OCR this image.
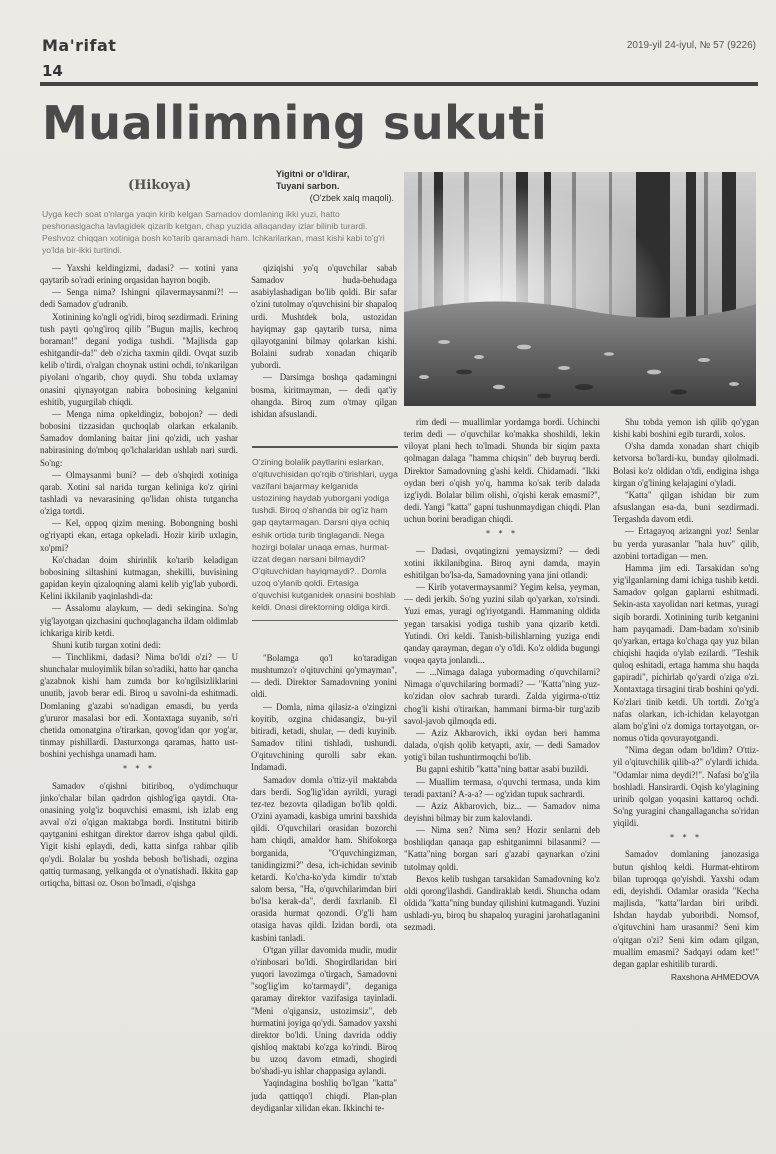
Ma'rifat	2019-yil 24-iyul, № 57 (9226)
14
Muallimning sukuti
(Hikoya)
Yigitni or o'ldirar,
Tuyani sarbon.
(O'zbek xalq maqoli).
Uyga kech soat o'nlarga yaqin kirib kelgan Samadov domlaning ikki yuzi, hatto peshonasigacha lavlagidek qizarib ketgan, chap yuzida allaqanday izlar bilinib turardi. Peshvoz chiqqan xotiniga bosh ko'tarib qaramadi ham. Ichkarilarkan, mast kishi kabi to'g'ri yo'lda bir-ikki turtindi.

— Yaxshi keldingizmi, dadasi? — xotini yana qaytarib so'radi erining orqasidan hayron boqib.

— Senga nima? Ishingni qilavermaysanmi?! — dedi Samadov g'udranib.

Xotinining ko'ngli og'ridi, biroq sezdirmadi. Erining tush payti qo'ng'iroq qilib "Bugun majlis, kechroq boraman!" degani yodiga tushdi. "Majlisda gap eshitgandir-da!" deb o'zicha taxmin qildi. Ovqat suzib kelib o'tirdi, o'ralgan choynak ustini ochdi, to'nkarilgan piyolani o'ngarib, choy quydi. Shu tobda uxlamay onasini qiynayotgan nabira bobosining kelganini eshitib, yugurgilab chiqdi.

— Menga nima opkeldingiz, bobojon? — dedi bobosini tizzasidan quchoqlab olarkan erkalanib. Samadov domlaning baitar jini qo'zidi, uch yashar nabirasining do'mboq qo'lchalaridan ushlab nari surdi. So'ng:

— Olmaysanmi buni? — deb o'shqirdi xotiniga qarab. Xotini sal narida turgan kelinigа ko'z qirini tashladi va nevarasining qo'lidan ohista tutgancha o'ziga tortdi.

— Kel, oppoq qizim mening. Bobongning boshi og'riyapti ekan, ertaga opkeladi. Hozir kirib uxlagin, xo'pmi?

Ko'chadan doim shirinlik ko'tarib keladigan bobosining siltashini kutmagan, shekilli, buvisining gapidan keyin qizaloqning alami kelib yig'lab yubordi. Kelini ikkilanib yaqinlashdi-da:

— Assalomu alaykum, — dedi sekingina. So'ng yig'layotgan qizchasini quchoqlagancha ildam oldimlab ichkariga kirib ketdi.

Shuni kutib turgan xotini dedi:

— Tinchlikmi, dadasi? Nima bo'ldi o'zi? — U shunchalar muloyimlik bilan so'radiki, hatto har qancha g'azabnok kishi ham zumda bor ko'ngilsizliklarini unutib, javob berar edi. Biroq u savolni-da eshitmadi. Domlaning g'azabi so'nadigan emasdi, bu yerda g'ururor masalasi bor edi. Xontaxtaga suyanib, so'ri chetida omonatgina o'tirarkan, qovog'idan qor yog'ar, tinmay pishillardi. Dasturxonga qaramas, hatto ust-boshini yechishga unamadi ham.

* * *

Samadov o'qishni bitiriboq, o'ydimchuqur jinko'chalar bilan qadrdon qishlog'iga qaytdi. Ota-onasining yolg'iz boquvchisi emasmi, ish izlab eng avval o'zi o'qigan maktabga bordi. Institutni bitirib qaytganini eshitgan direktor darrov ishga qabul qildi. Yigit kishi eplaydi, dedi, katta sinfga rahbar qilib qo'ydi. Bolalar bu yoshda bebosh bo'lishadi, ozgina qattiq turmasang, yelkangda ot o'ynatishadi. Ikkita gap ortiqcha, bittasi oz. Oson bo'lmadi, o'qishga

qiziqishi yo'q o'quvchilar sabab Samadov huda-behudaga asabiylashadigan bo'lib qoldi. Bir safar o'zini tutolmay o'quvchisini bir shapaloq urdi. Mushtdek bola, ustozidan hayiqmay gap qaytarib tursa, nima qilayotganini bilmay qolarkan kishi. Bolaini sudrab xonadan chiqarib yubordi.

— Darsimga boshqa qadamingni bosma, kiritmayman, — dedi qat'iy ohangda. Biroq zum o'tmay qilgan ishidan afsuslandi.

O'zining bolalik paytlarini eslarkan, o'qituvchisidan qo'rqib o'tirishlari, uyga vazifani bajarmay kelganida ustozining haydab yuborgani yodiga tushdi. Biroq o'shanda bir og'iz ham gap qaytarmagan. Darsni qiya ochiq eshik ortida turib tinglagandi. Nega hozirgi bolalar unaqa emas, hurmat-izzat degan narsani bilmaydi? O'qituvchidan hayiqmaydi?.. Domla uzoq o'ylanib qoldi. Ertasiga o'quvchisi kutganidek onasini boshlab keldi. Onasi direktorning oldiga kirdi.

"Bolamga qo'l ko'taradigan mushtumzo'r o'qituvchini qo'ymayman", — dedi. Direktor Samadovning yonini oldi.

— Domla, nima qilasiz-a o'zingizni koyitib, ozgina chidasangiz, bu-yil bitiradi, ketadi, shular, — dedi kuyinib. Samadov tilini tishladi, tushundi. O'qituvchining qurolli sabr ekan. Indamadi.

Samadov domla o'ttiz-yil maktabda dars berdi. Sog'lig'idan ayrildi, yuragi tez-tez bezovta qiladigan bo'lib qoldi. O'zini ayamadi, kasbiga umrini baxshida qildi. O'quvchilari orasidan bozorchi ham chiqdi, amaldor ham. Shifokorga borganida, "O'quvchingizman, tanidingizmi?" desa, ich-ichidan sevinib ketardi. Ko'cha-ko'yda kimdir to'xtab salom bersa, "Ha, o'quvchilarimdan biri bo'lsa kerak-da", derdi faxrlanib. El orasida hurmat qozondi. O'g'li ham otasiga havas qildi. Izidan bordi, ota kasbini tanladi.

O'tgan yillar davomida mudir, mudir o'rinbosari bo'ldi. Shogirdlaridan biri yuqori lavozimga o'tirgach, Samadovni "sog'lig'im ko'tarmaydi", deganiga qaramay direktor vazifasiga tayinladi. "Meni o'qigansiz, ustozimsiz", deb hurmatini joyiga qo'ydi. Samadov yaxshi direktor bo'ldi. Uning davrida oddiy qishloq maktabi ko'zga ko'rindi. Biroq bu uzoq davom etmadi, shogirdi bo'shadi-yu ishlar chappasiga aylandi.

Yaqindagina boshliq bo'lgan "katta" juda qattiqqo'l chiqdi. Plan-plan deydiganlar xilidan ekan. Ikkinchi te-

rim dedi — muallimlar yordamga bordi. Uchinchi terim dedi — o'quvchilar ko'makka shoshildi, lekin viloyat plani hech to'lmadi. Shunda bir siqim paxta qolmagan dalaga "hamma chiqsin" deb buyruq berdi. Direktor Samadovning g'ashi keldi. Chidamadi. "Ikki oydan beri o'qish yo'q, hamma ko'sak terib dalada izg'iydi. Bolalar bilim olishi, o'qishi kerak emasmi?", dedi. Yangi "katta" gapni tushunmaydigan chiqdi. Plan uchun borini beradigan chiqdi.

* * *

— Dadasi, ovqatingizni yemaysizmi? — dedi xotini ikkilanibgina. Biroq ayni damda, mayin eshitilgan bo'lsa-da, Samadovning yana jini otlandi:

— Kirib yotavermaysanmi? Yegim kelsa, yeyman, — dedi jerkib. So'ng yuzini silab qo'yarkan, xo'rsindi. Yuzi emas, yuragi og'riyotgandi. Hammaning oldida yegan tarsakisi yodiga tushib yana qizarib ketdi. Yutindi. Ori keldi. Tanish-bilishlarning yuziga endi qanday qarayman, degan o'y o'ldi. Ko'z oldida bugungi voqea qayta jonlandi...

— ...Nimaga dalaga yubormading o'quvchilarni? Nimaga o'quvchilaring bormadi? — "Katta"ning yuz-ko'zidan olov sachrab turardi. Zalda yigirma-o'ttiz chog'li kishi o'tirarkan, hammani birma-bir turg'azib savol-javob qilmoqda edi.

— Aziz Akbarovich, ikki oydan beri hamma dalada, o'qish qolib ketyapti, axir, — dedi Samadov yotig'i bilan tushuntirmoqchi bo'lib.

Bu gapni eshitib "katta"ning battar asabi buzildi.

— Muallim termasa, o'quvchi termasa, unda kim teradi paxtani? A-a-a? — og'zidan tupuk sachrardi.

— Aziz Akbarovich, biz... — Samadov nima deyishni bilmay bir zum kalovlandi.

— Nima sen? Nima sen? Hozir senlarni deb boshliqdan qanaqa gap eshitganimni bilasanmi? — "Katta"ning borgan sari g'azabi qaynarkan o'zini tutolmay qoldi.

Bexos kelib tushgan tarsakidan Samadovning ko'z oldi qorong'ilashdi. Gandiraklab ketdi. Shuncha odam oldida "katta"ning bunday qilishini kutmagandi. Yuzini ushladi-yu, biroq bu shapaloq yuragini jarohatlaganini sezmadi.

Shu tobda yemon ish qilib qo'ygan kishi kabi boshini egib turardi, xolos.

O'sha damda xonadan shart chiqib ketvorsa bo'lardi-ku, bunday qilolmadi. Bolasi ko'z oldidan o'tdi, endigina ishga kirgan o'g'lining kelajagini o'yladi.

"Katta" qilgan ishidan bir zum afsuslangan esa-da, buni sezdirmadi. Tergashda davom etdi.

— Ertagayoq arizangni yoz! Senlar bu yerda yurasanlar "hala huv" qilib, azobini tortadigan — men.

Hamma jim edi. Tarsakidan so'ng yig'ilganlarning dami ichiga tushib ketdi. Samadov qolgan gaplarni eshitmadi. Sekin-asta xayolidan nari ketmas, yuragi siqib borardi. Xotinining turib ketganini ham payqamadi. Dam-badam xo'rsinib qo'yarkan, ertaga ko'chaga qay yuz bilan chiqishi haqida o'ylab ezilardi. "Teshik quloq eshitadi, ertaga hamma shu haqda gapiradi", pichirlab qo'yardi o'ziga o'zi. Xontaxtaga tirsagini tirab boshini qo'ydi. Ko'zlari tinib ketdi. Uh tortdi. Zo'rg'a nafas olarkan, ich-ichidan kelayotgan alam bo'g'ini o'z domiga tortayotgan, or-nomus o'tida qovurayotgandi.

"Nima degan odam bo'ldim? O'ttiz-yil o'qituvchilik qilib-a?" o'ylardi ichida. "Odamlar nima deydi?!". Nafasi bo'g'ila boshladi. Hansirardi. Oqish ko'ylagining urinib qolgan yoqasini kattaroq ochdi. So'ng yuragini changallagancha so'ridan yiqildi.

* * *

Samadov domlaning janozasiga butun qishloq keldi. Hurmat-ehtirom bilan tuproqqa qo'yishdi. Yaxshi odam edi, deyishdi. Odamlar orasida "Kecha majlisda, "katta"lardan biri uribdi. Ishdan haydab yuboribdi. Nomsof, o'qituvchini ham urasanmi? Seni kim o'qitgan o'zi? Seni kim odam qilgan, muallim emasmi? Sadqayi odam ket!" degan gaplar eshitilib turardi.

Raxshona AHMEDOVA
